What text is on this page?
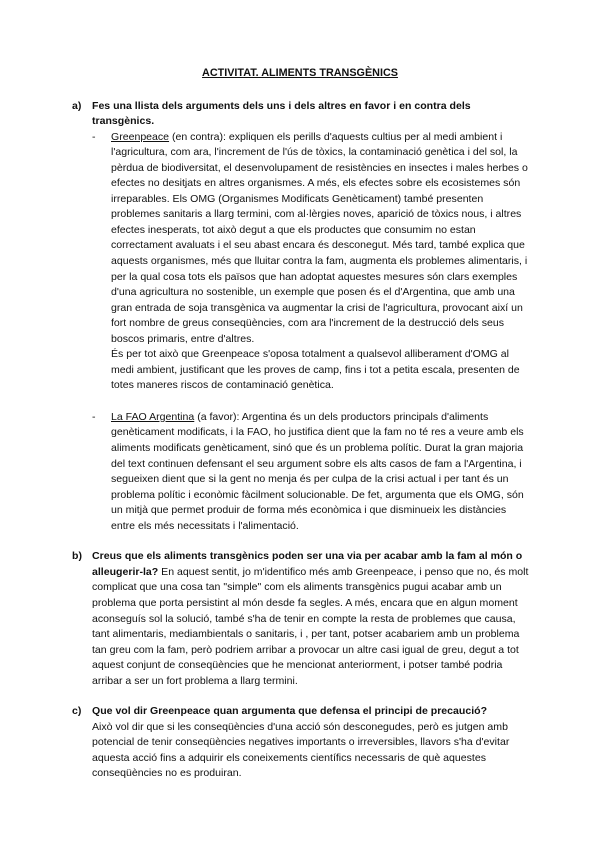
ACTIVITAT. ALIMENTS TRANSGÈNICS
a) Fes una llista dels arguments dels uns i dels altres en favor i en contra dels transgènics.
- Greenpeace (en contra): expliquen els perills d'aquests cultius per al medi ambient i l'agricultura, com ara, l'increment de l'ús de tòxics, la contaminació genètica i del sol, la pèrdua de biodiversitat, el desenvolupament de resistències en insectes i males herbes o efectes no desitjats en altres organismes. A més, els efectes sobre els ecosistemes són irreparables. Els OMG (Organismes Modificats Genèticament) també presenten problemes sanitaris a llarg termini, com al·lèrgies noves, aparició de tòxics nous, i altres efectes inesperats, tot això degut a que els productes que consumim no estan correctament avaluats i el seu abast encara és desconegut. Més tard, també explica que aquests organismes, més que lluitar contra la fam, augmenta els problemes alimentaris, i per la qual cosa tots els països que han adoptat aquestes mesures són clars exemples d'una agricultura no sostenible, un exemple que posen és el d'Argentina, que amb una gran entrada de soja transgènica va augmentar la crisi de l'agricultura, provocant així un fort nombre de greus conseqüències, com ara l'increment de la destrucció dels seus boscos primaris, entre d'altres.

És per tot això que Greenpeace s'oposa totalment a qualsevol alliberament d'OMG al medi ambient, justificant que les proves de camp, fins i tot a petita escala, presenten de totes maneres riscos de contaminació genètica.

- La FAO Argentina (a favor): Argentina és un dels productors principals d'aliments genèticament modificats, i la FAO, ho justifica dient que la fam no té res a veure amb els aliments modificats genèticament, sinó que és un problema polític. Durat la gran majoria del text continuen defensant el seu argument sobre els alts casos de fam a l'Argentina, i segueixen dient que si la gent no menja és per culpa de la crisi actual i per tant és un problema polític i econòmic fàcilment solucionable. De fet, argumenta que els OMG, són un mitjà que permet produir de forma més econòmica i que disminueix les distàncies entre els més necessitats i l'alimentació.

b) Creus que els aliments transgènics poden ser una via per acabar amb la fam al món o alleugerir-la? En aquest sentit, jo m'identifico més amb Greenpeace, i penso que no, és molt complicat que una cosa tan "simple" com els aliments transgènics pugui acabar amb un problema que porta persistint al món desde fa segles. A més, encara que en algun moment aconseguís sol la solució, també s'ha de tenir en compte la resta de problemes que causa, tant alimentaris, mediambientals o sanitaris, i , per tant, potser acabariem amb un problema tan greu com la fam, però podriem arribar a provocar un altre casi igual de greu, degut a tot aquest conjunt de conseqüències que he mencionat anteriorment, i potser també podria arribar a ser un fort problema a llarg termini.
c) Que vol dir Greenpeace quan argumenta que defensa el principi de precaució?

Això vol dir que si les conseqüències d'una acció són desconegudes, però es jutgen amb potencial de tenir conseqüències negatives importants o irreversibles, llavors s'ha d'evitar aquesta acció fins a adquirir els coneixements científics necessaris de què aquestes conseqüències no es produiran.
